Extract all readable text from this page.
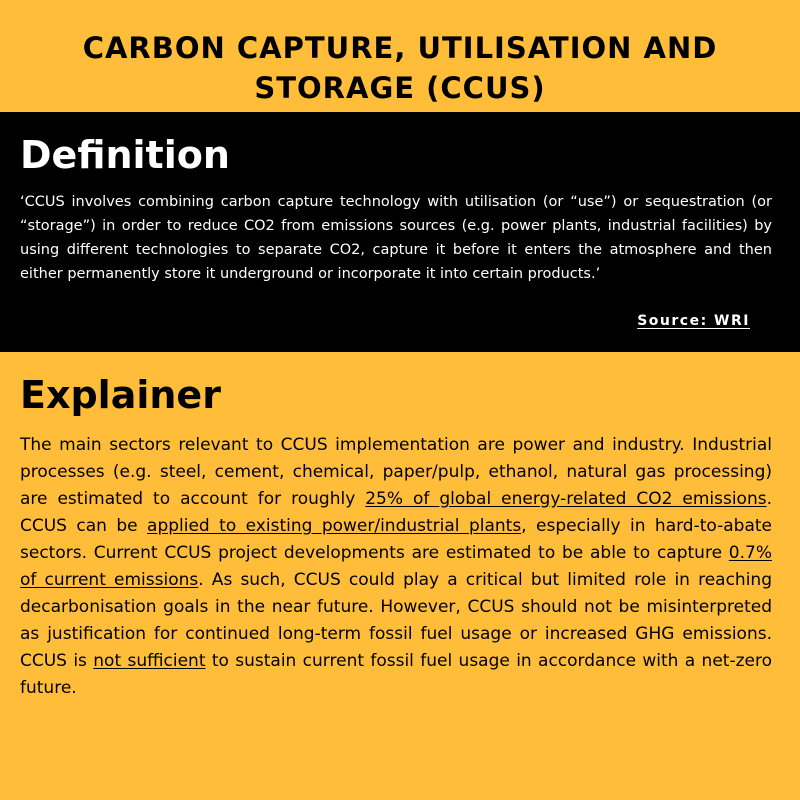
CARBON CAPTURE, UTILISATION AND STORAGE (CCUS)
Definition

‘CCUS involves combining carbon capture technology with utilisation (or “use”) or sequestration (or “storage”) in order to reduce CO2 from emissions sources (e.g. power plants, industrial facilities) by using different technologies to separate CO2, capture it before it enters the atmosphere and then either permanently store it underground or incorporate it into certain products.’

Source: WRI

Explainer

The main sectors relevant to CCUS implementation are power and industry. Industrial processes (e.g. steel, cement, chemical, paper/pulp, ethanol, natural gas processing) are estimated to account for roughly 25% of global energy-related CO2 emissions. CCUS can be applied to existing power/industrial plants, especially in hard-to-abate sectors. Current CCUS project developments are estimated to be able to capture 0.7% of current emissions. As such, CCUS could play a critical but limited role in reaching decarbonisation goals in the near future. However, CCUS should not be misinterpreted as justification for continued long-term fossil fuel usage or increased GHG emissions. CCUS is not sufficient to sustain current fossil fuel usage in accordance with a net-zero future.
